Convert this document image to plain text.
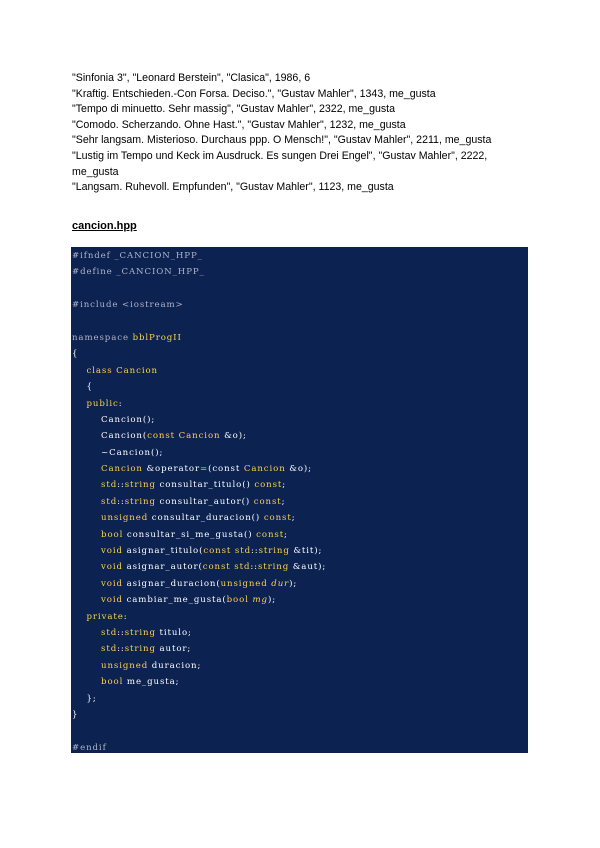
"Sinfonia 3", "Leonard Berstein", "Clasica", 1986, 6
"Kraftig. Entschieden.-Con Forsa. Deciso.", "Gustav Mahler", 1343, me_gusta
"Tempo di minuetto. Sehr massig", "Gustav Mahler", 2322, me_gusta
"Comodo. Scherzando. Ohne Hast.", "Gustav Mahler", 1232, me_gusta
"Sehr langsam. Misterioso. Durchaus ppp. O Mensch!", "Gustav Mahler", 2211, me_gusta
"Lustig im Tempo und Keck im Ausdruck. Es sungen Drei Engel", "Gustav Mahler", 2222, me_gusta
"Langsam. Ruhevoll. Empfunden", "Gustav Mahler", 1123, me_gusta
cancion.hpp
#ifndef _CANCION_HPP_
#define _CANCION_HPP_

#include <iostream>

namespace bblProgII
{
class Cancion
{
public:
Cancion();
Cancion(const Cancion &o);
~Cancion();
Cancion &operator=(const Cancion &o);
std::string consultar_titulo() const;
std::string consultar_autor() const;
unsigned consultar_duracion() const;
bool consultar_si_me_gusta() const;
void asignar_titulo(const std::string &tit);
void asignar_autor(const std::string &aut);
void asignar_duracion(unsigned dur);
void cambiar_me_gusta(bool mg);
private:
std::string titulo;
std::string autor;
unsigned duracion;
bool me_gusta;
};
}

#endif
